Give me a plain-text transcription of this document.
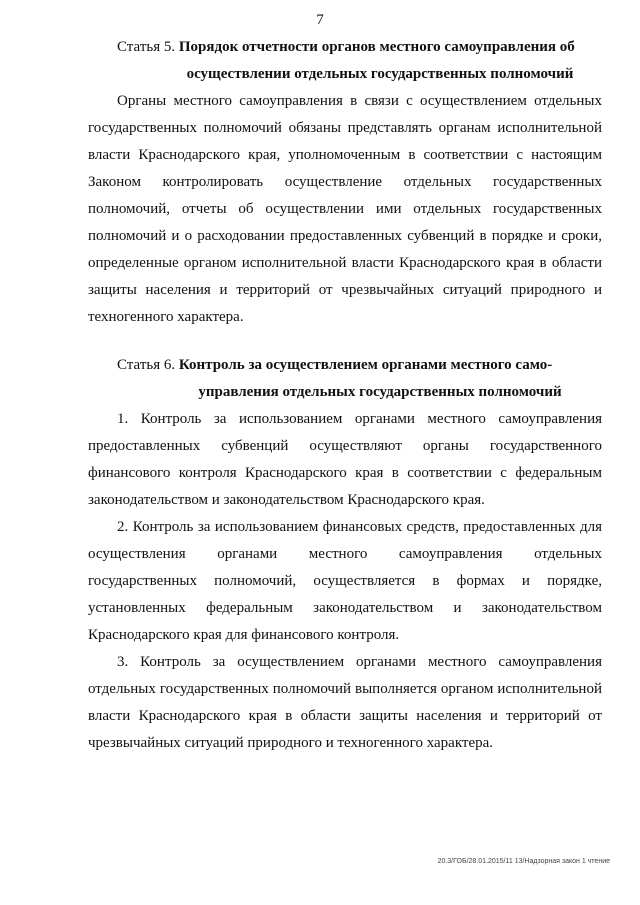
7
Статья 5. Порядок отчетности органов местного самоуправления об
осуществлении отдельных государственных полномочий

Органы местного самоуправления в связи с осуществлением отдельных государственных полномочий обязаны представлять органам исполнительной власти Краснодарского края, уполномоченным в соответствии с настоящим Законом контролировать осуществление отдельных государственных полномочий, отчеты об осуществлении ими отдельных государственных полномочий и о расходовании предоставленных субвенций в порядке и сроки, определенные органом исполнительной власти Краснодарского края в области защиты населения и территорий от чрезвычайных ситуаций природного и техногенного характера.

Статья 6. Контроль за осуществлением органами местного само-
управления отдельных государственных полномочий

1. Контроль за использованием органами местного самоуправления предоставленных субвенций осуществляют органы государственного финансового контроля Краснодарского края в соответствии с федеральным законодательством и законодательством Краснодарского края.

2. Контроль за использованием финансовых средств, предоставленных для осуществления органами местного самоуправления отдельных государственных полномочий, осуществляется в формах и порядке, установленных федеральным законодательством и законодательством Краснодарского края для финансового контроля.

3. Контроль за осуществлением органами местного самоуправления отдельных государственных полномочий выполняется органом исполнительной власти Краснодарского края в области защиты населения и территорий от чрезвычайных ситуаций природного и техногенного характера.

20.3/ГОБ/28.01.2015/11 13/Надзорная закон 1 чтение
